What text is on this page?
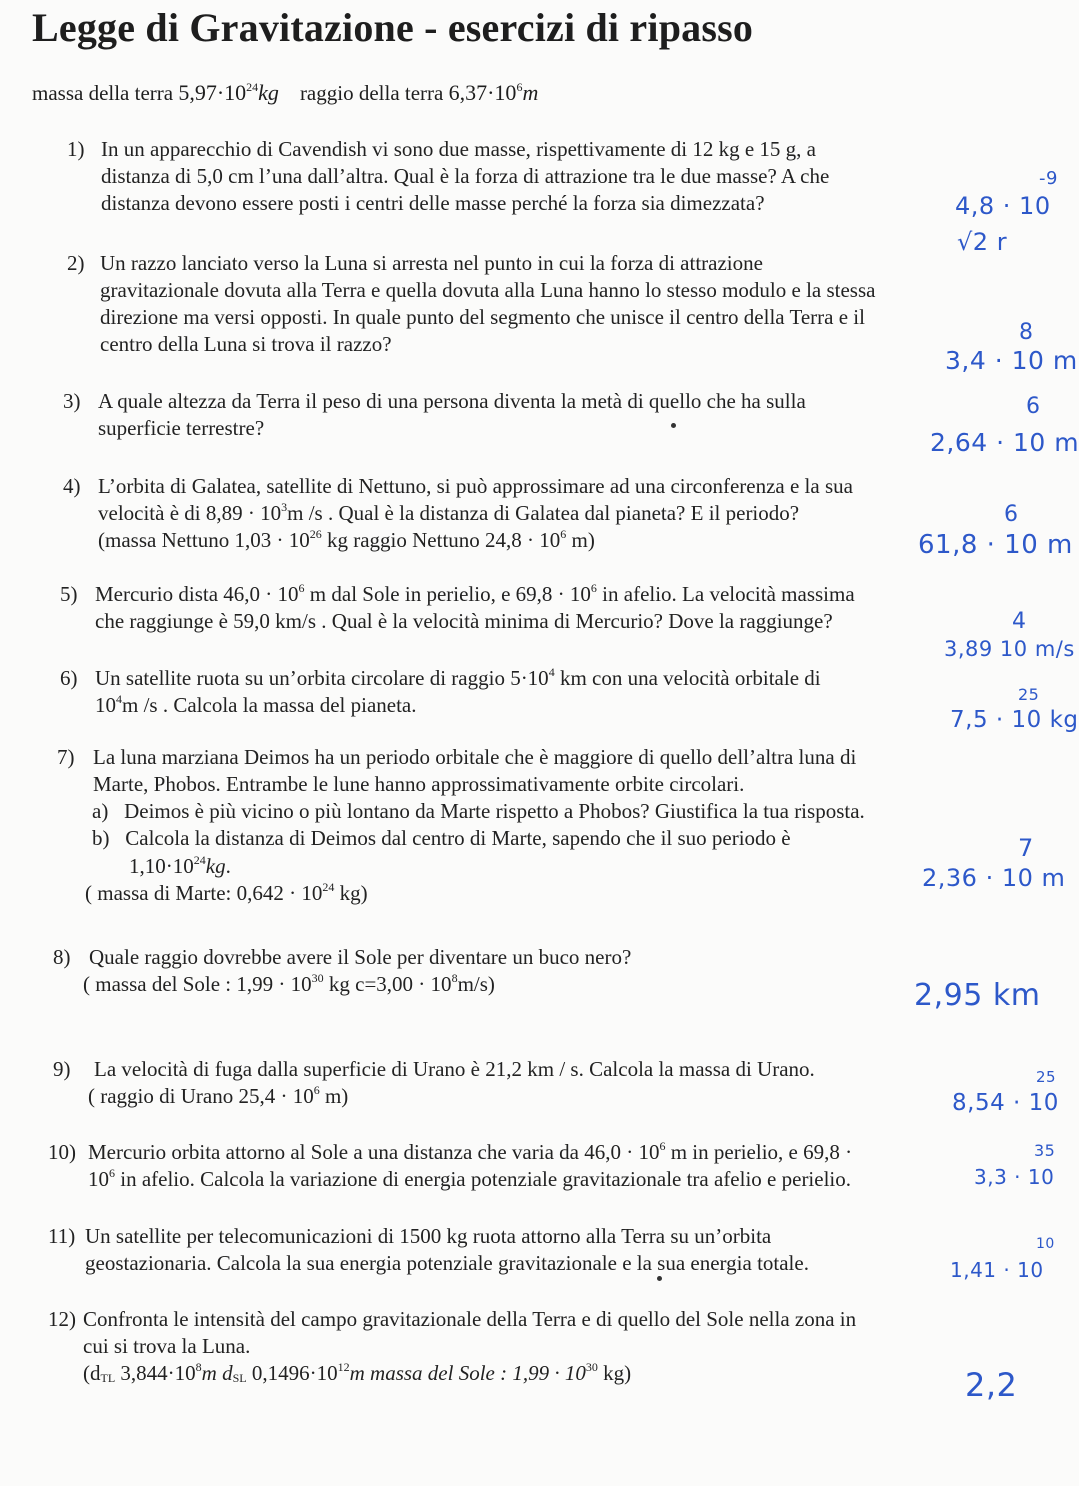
Legge di Gravitazione - esercizi di ripasso
massa della terra $5,97\cdot 10^{24}kg$ raggio della terra $6,37\cdot 10^6m$
1) In un apparecchio di Cavendish vi sono due masse, rispettivamente di 12 kg e 15 g, a
distanza di 5,0 cm l’una dall’altra. Qual è la forza di attrazione tra le due masse? A che
distanza devono essere posti i centri delle masse perché la forza sia dimezzata?	4,8 · 10
-9
√2 r
2) Un razzo lanciato verso la Luna si arresta nel punto in cui la forza di attrazione
gravitazionale dovuta alla Terra e quella dovuta alla Luna hanno lo stesso modulo e la stessa
direzione ma versi opposti. In quale punto del segmento che unisce il centro della Terra e il
centro della Luna si trova il razzo?
3,4 · 10 m
8
3) A quale altezza da Terra il peso di una persona diventa la metà di quello che ha sulla
superficie terrestre?	2,64 · 10 m
6
4) L’orbita di Galatea, satellite di Nettuno, si può approssimare ad una circonferenza e la sua
velocità è di $8,89 \cdot 10^3m$ /s . Qual è la distanza di Galatea dal pianeta? E il periodo?
(massa Nettuno $1,03 \cdot 10^{26}$ kg raggio Nettuno $24,8 \cdot 10^6$ m)	61,8 · 10 m
6
5) Mercurio dista $46,0 \cdot 10^6$ m dal Sole in perielio, e $69,8 \cdot 10^6$ in afelio. La velocità massima
che raggiunge è 59,0 km/s . Qual è la velocità minima di Mercurio? Dove la raggiunge?
3,89 10 m/s
4
6) Un satellite ruota su un’orbita circolare di raggio $5\cdot 10^4$ km con una velocità orbitale di
$10^4m$ /s . Calcola la massa del pianeta.
7,5 · 10 kg
25
7) La luna marziana Deimos ha un periodo orbitale che è maggiore di quello dell’altra luna di
Marte, Phobos. Entrambe le lune hanno approssimativamente orbite circolari.
a) Deimos è più vicino o più lontano da Marte rispetto a Phobos? Giustifica la tua risposta.
b) Calcola la distanza di Deimos dal centro di Marte, sapendo che il suo periodo è
$1,10\cdot 10^{24}kg$.
( massa di Marte: $0,642 \cdot 10^{24}$ kg)
2,36 · 10 m
7
8) Quale raggio dovrebbe avere il Sole per diventare un buco nero?
( massa del Sole : $1,99 \cdot 10^{30}$ kg $c=3,00 \cdot 10^8m/s$)	2,95 km
9) La velocità di fuga dalla superficie di Urano è 21,2 km / s. Calcola la massa di Urano.
( raggio di Urano $25,4 \cdot 10^6$ m)	8,54 · 10
25
10) Mercurio orbita attorno al Sole a una distanza che varia da $46,0 \cdot 10^6$ m in perielio, e 69,8 ·
$10^6$ in afelio. Calcola la variazione di energia potenziale gravitazionale tra afelio e perielio.	3,3 · 10
35
11) Un satellite per telecomunicazioni di 1500 kg ruota attorno alla Terra su un’orbita
geostazionaria. Calcola la sua energia potenziale gravitazionale e la sua energia totale.	1,41 · 10
10
12) Confronta le intensità del campo gravitazionale della Terra e di quello del Sole nella zona in
cui si trova la Luna.
($d_{TL}$ $3,844\cdot 10^8m$ $d_{SL}$ $0,1496\cdot 10^{12}m$ massa del Sole : $1,99 \cdot 10^{30}$ kg)	2,2
